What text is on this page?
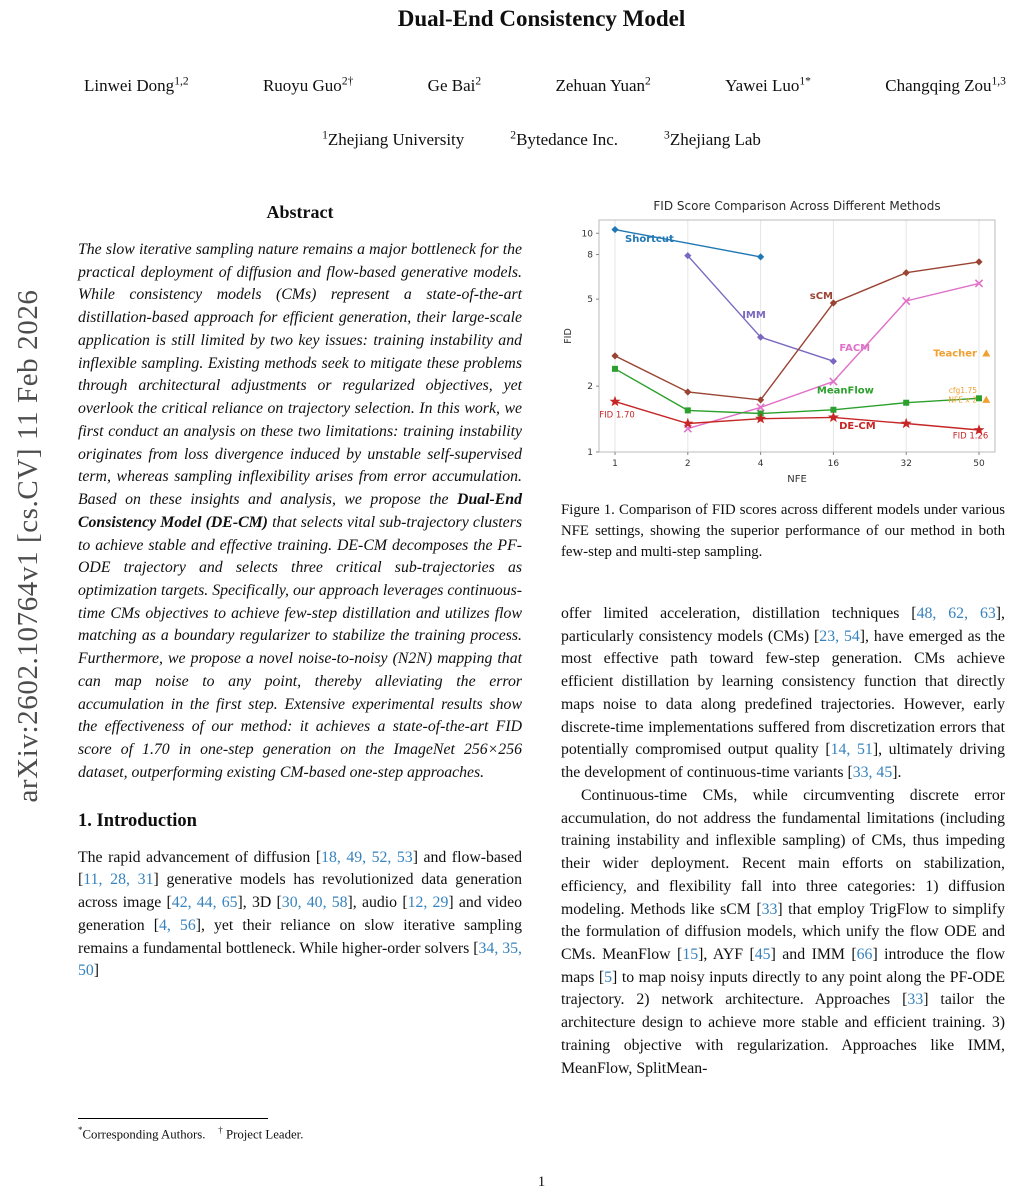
Dual-End Consistency Model
Linwei Dong$^{1,2}$	Ruoyu Guo$^{2\dagger}$	Ge Bai$^2$	Zehuan Yuan$^2$	Yawei Luo$^{1*}$	Changqing Zou$^{1,3}$
$^1$Zhejiang University	$^2$Bytedance Inc.	$^3$Zhejiang Lab
arXiv:2602.10764v1 [cs.CV] 11 Feb 2026
Abstract
The slow iterative sampling nature remains a major bottleneck for the practical deployment of diffusion and flow-based generative models. While consistency models (CMs) represent a state-of-the-art distillation-based approach for efficient generation, their large-scale application is still limited by two key issues: training instability and inflexible sampling. Existing methods seek to mitigate these problems through architectural adjustments or regularized objectives, yet overlook the critical reliance on trajectory selection. In this work, we first conduct an analysis on these two limitations: training instability originates from loss divergence induced by unstable self-supervised term, whereas sampling inflexibility arises from error accumulation. Based on these insights and analysis, we propose the Dual-End Consistency Model (DE-CM) that selects vital sub-trajectory clusters to achieve stable and effective training. DE-CM decomposes the PF-ODE trajectory and selects three critical sub-trajectories as optimization targets. Specifically, our approach leverages continuous-time CMs objectives to achieve few-step distillation and utilizes flow matching as a boundary regularizer to stabilize the training process. Furthermore, we propose a novel noise-to-noisy (N2N) mapping that can map noise to any point, thereby alleviating the error accumulation in the first step. Extensive experimental results show the effectiveness of our method: it achieves a state-of-the-art FID score of 1.70 in one-step generation on the ImageNet 256×256 dataset, outperforming existing CM-based one-step approaches.
1. Introduction
The rapid advancement of diffusion [18, 49, 52, 53] and flow-based [11, 28, 31] generative models has revolutionized data generation across image [42, 44, 65], 3D [30, 40, 58], audio [12, 29] and video generation [4, 56], yet their reliance on slow iterative sampling remains a fundamental bottleneck. While higher-order solvers [34, 35, 50]
1
2
5
8
10
1	2	4	16	32	50
FID Score Comparison Across Different Methods
NFE
FID
Shortcut
IMM
sCM
FACM
MeanFlow
DE-CM
Teacher
cfg1.75
NFE x 2
FID 1.70
FID 1.26
Figure 1. Comparison of FID scores across different models under various NFE settings, showing the superior performance of our method in both few-step and multi-step sampling.
offer limited acceleration, distillation techniques [48, 62, 63], particularly consistency models (CMs) [23, 54], have emerged as the most effective path toward few-step generation. CMs achieve efficient distillation by learning consistency function that directly maps noise to data along predefined trajectories. However, early discrete-time implementations suffered from discretization errors that potentially compromised output quality [14, 51], ultimately driving the development of continuous-time variants [33, 45].
Continuous-time CMs, while circumventing discrete error accumulation, do not address the fundamental limitations (including training instability and inflexible sampling) of CMs, thus impeding their wider deployment. Recent main efforts on stabilization, efficiency, and flexibility fall into three categories: 1) diffusion modeling. Methods like sCM [33] that employ TrigFlow to simplify the formulation of diffusion models, which unify the flow ODE and CMs. MeanFlow [15], AYF [45] and IMM [66] introduce the flow maps [5] to map noisy inputs directly to any point along the PF-ODE trajectory. 2) network architecture. Approaches [33] tailor the architecture design to achieve more stable and efficient training. 3) training objective with regularization. Approaches like IMM, MeanFlow, SplitMean-
*Corresponding Authors.    † Project Leader.
1
